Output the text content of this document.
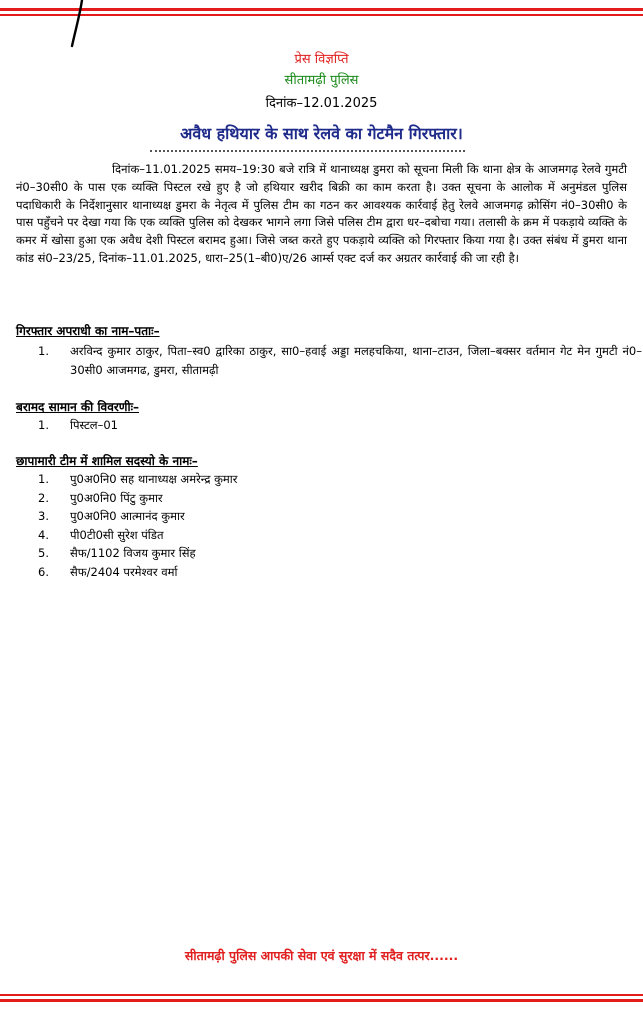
प्रेस विज्ञप्ति
सीतामढ़ी पुलिस
दिनांक–12.01.2025
अवैध हथियार के साथ रेलवे का गेटमैन गिरफ्तार।

दिनांक–11.01.2025 समय–19:30 बजे रात्रि में थानाध्यक्ष डुमरा को सूचना मिली कि थाना क्षेत्र के आजमगढ़ रेलवे गुमटी नं0–30सी0 के पास एक व्यक्ति पिस्टल रखे हुए है जो हथियार खरीद बिक्री का काम करता है। उक्त सूचना के आलोक में अनुमंडल पुलिस पदाधिकारी के निर्देशानुसार थानाध्यक्ष डुमरा के नेतृत्व में पुलिस टीम का गठन कर आवश्यक कार्रवाई हेतु रेलवे आजमगढ़ क्रोसिंग नं0–30सी0 के पास पहुँचने पर देखा गया कि एक व्यक्ति पुलिस को देखकर भागने लगा जिसे पलिस टीम द्वारा धर–दबोचा गया। तलासी के क्रम में पकड़ाये व्यक्ति के कमर में खोसा हुआ एक अवैध देशी पिस्टल बरामद हुआ। जिसे जब्त करते हुए पकड़ाये व्यक्ति को गिरफ्तार किया गया है। उक्त संबंध में डुमरा थाना कांड सं0–23/25, दिनांक–11.01.2025, धारा–25(1–बी0)ए/26 आर्म्स एक्ट दर्ज कर अग्रतर कार्रवाई की जा रही है।

गिरफ्तार अपराधी का नाम–पताः–
1. अरविन्द कुमार ठाकुर, पिता–स्व0 द्वारिका ठाकुर, सा0–हवाई अड्डा मलहचकिया, थाना–टाउन, जिला–बक्सर वर्तमान गेट मेन गुमटी नं0–30सी0 आजमगढ, डुमरा, सीतामढ़ी
बरामद सामान की विवरणीः–
1. पिस्टल–01
छापामारी टीम में शामिल सदस्यो के नामः–
1. पु0अ0नि0 सह थानाध्यक्ष अमरेन्द्र कुमार
2. पु0अ0नि0 पिंटु कुमार
3. पु0अ0नि0 आत्मानंद कुमार
4. पी0टी0सी सुरेश पंडित
5. सैफ/1102 विजय कुमार सिंह
6. सैफ/2404 परमेश्वर वर्मा
सीतामढ़ी पुलिस आपकी सेवा एवं सुरक्षा में सदैव तत्पर......
